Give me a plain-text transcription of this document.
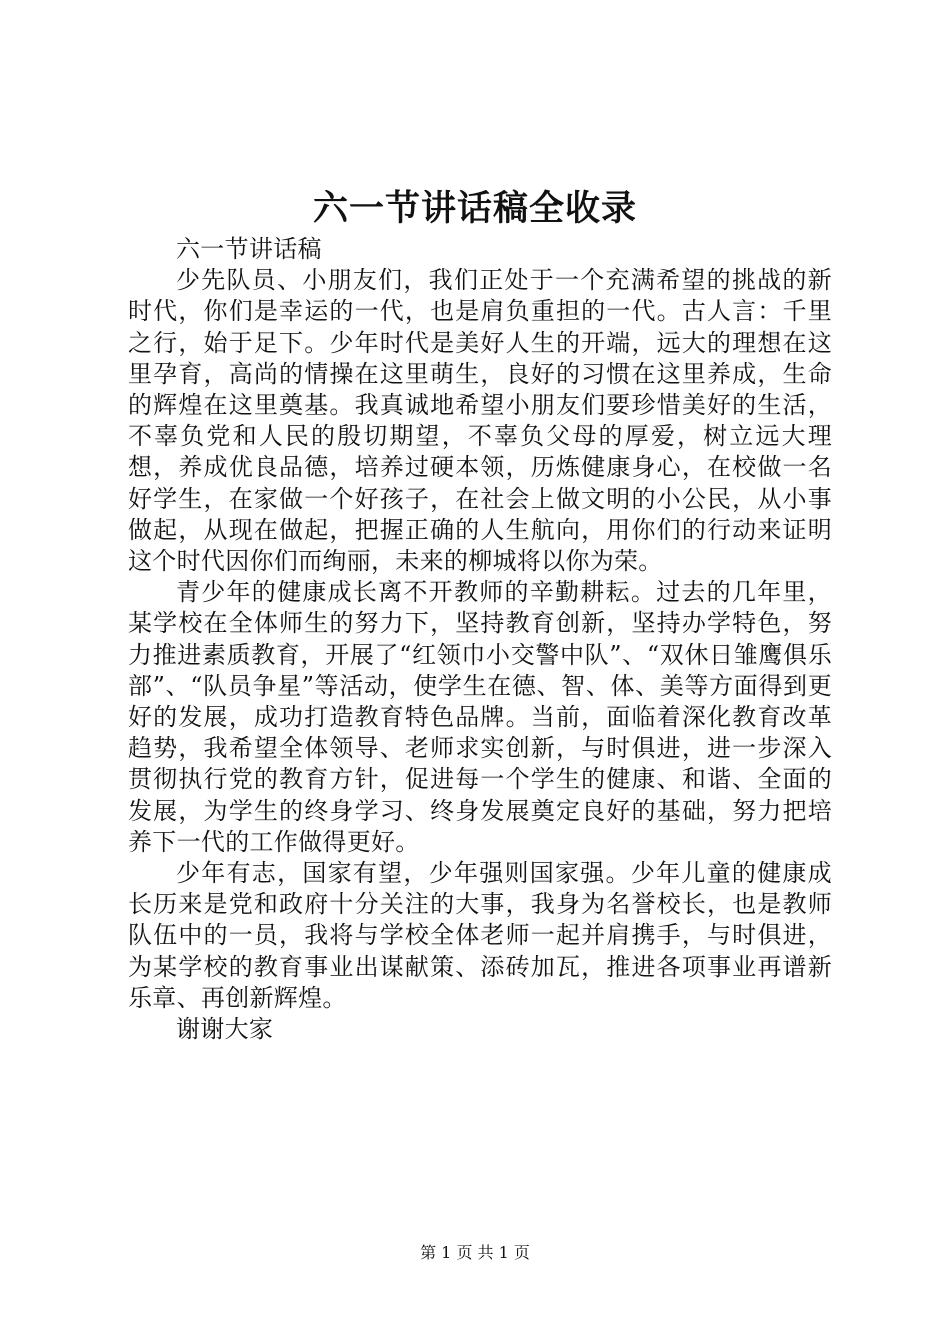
六一节讲话稿全收录

六一节讲话稿

少先队员、小朋友们，我们正处于一个充满希望的挑战的新时代，你们是幸运的一代，也是肩负重担的一代。古人言：千里之行，始于足下。少年时代是美好人生的开端，远大的理想在这里孕育，高尚的情操在这里萌生，良好的习惯在这里养成，生命的辉煌在这里奠基。我真诚地希望小朋友们要珍惜美好的生活，不辜负党和人民的殷切期望，不辜负父母的厚爱，树立远大理想，养成优良品德，培养过硬本领，历炼健康身心，在校做一名好学生，在家做一个好孩子，在社会上做文明的小公民，从小事做起，从现在做起，把握正确的人生航向，用你们的行动来证明这个时代因你们而绚丽，未来的柳城将以你为荣。

青少年的健康成长离不开教师的辛勤耕耘。过去的几年里，某学校在全体师生的努力下，坚持教育创新，坚持办学特色，努力推进素质教育，开展了“红领巾小交警中队”、“双休日雏鹰俱乐部”、“队员争星”等活动，使学生在德、智、体、美等方面得到更好的发展，成功打造教育特色品牌。当前，面临着深化教育改革趋势，我希望全体领导、老师求实创新，与时俱进，进一步深入贯彻执行党的教育方针，促进每一个学生的健康、和谐、全面的发展，为学生的终身学习、终身发展奠定良好的基础，努力把培养下一代的工作做得更好。

少年有志，国家有望，少年强则国家强。少年儿童的健康成长历来是党和政府十分关注的大事，我身为名誉校长，也是教师队伍中的一员，我将与学校全体老师一起并肩携手，与时俱进，为某学校的教育事业出谋献策、添砖加瓦，推进各项事业再谱新乐章、再创新辉煌。

谢谢大家

第 1 页 共 1 页
